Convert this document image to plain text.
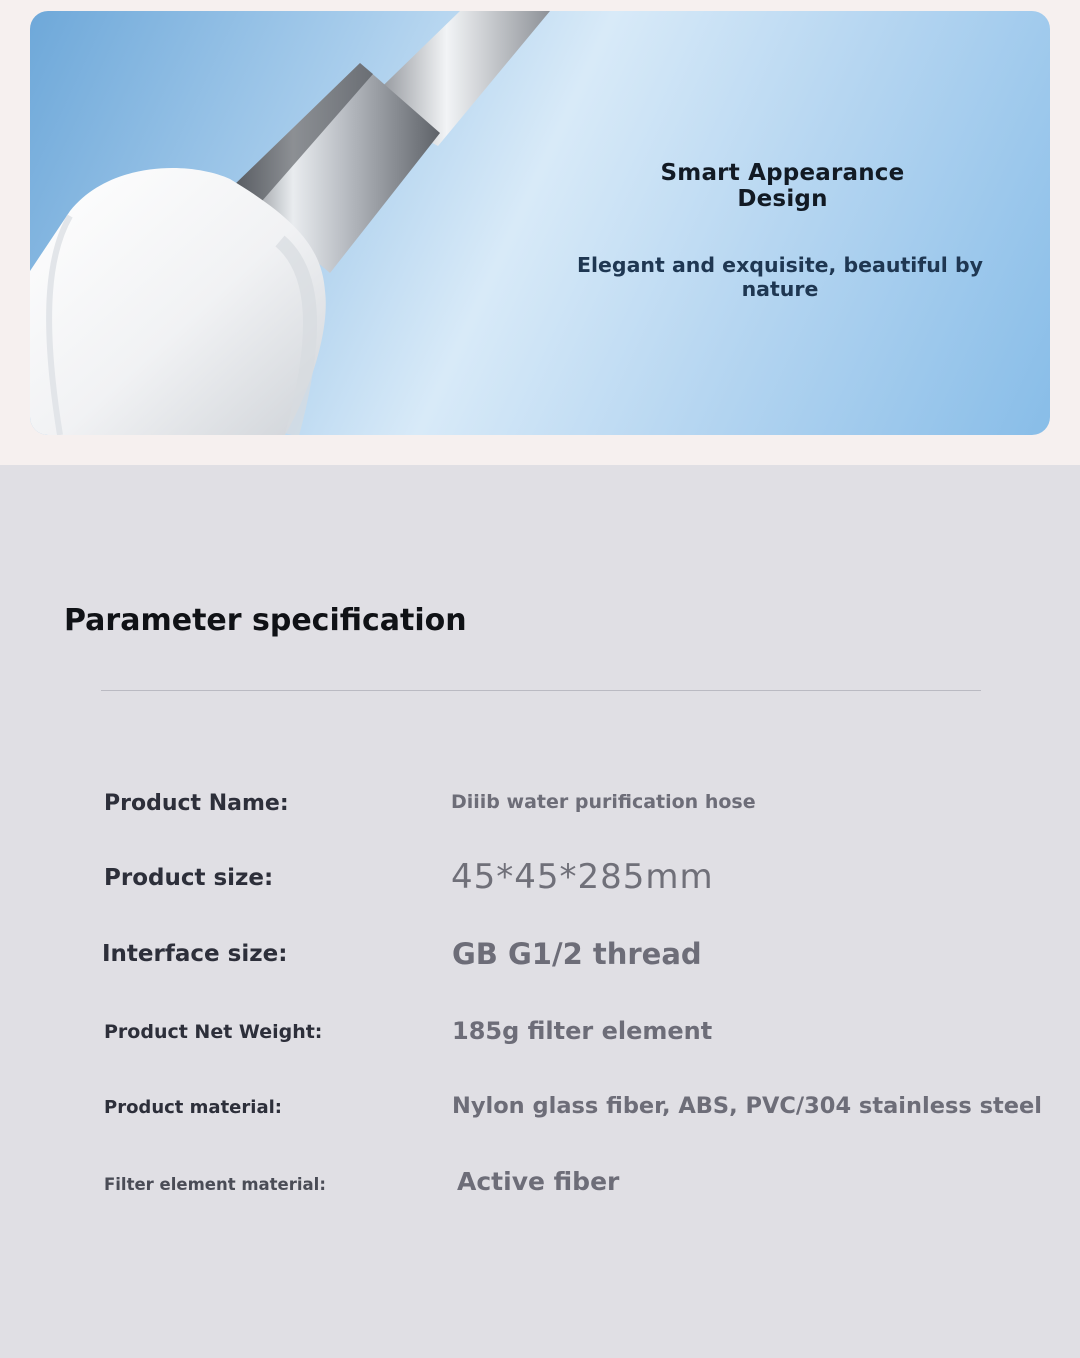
Smart Appearance Design
Elegant and exquisite, beautiful by nature
Parameter specification
Product Name:	Diiib water purification hose
Product size:	45*45*285mm
Interface size:	GB G1/2 thread
Product Net Weight:	185g filter element
Product material:	Nylon glass fiber, ABS, PVC/304 stainless steel
Filter element material:	Active fiber
